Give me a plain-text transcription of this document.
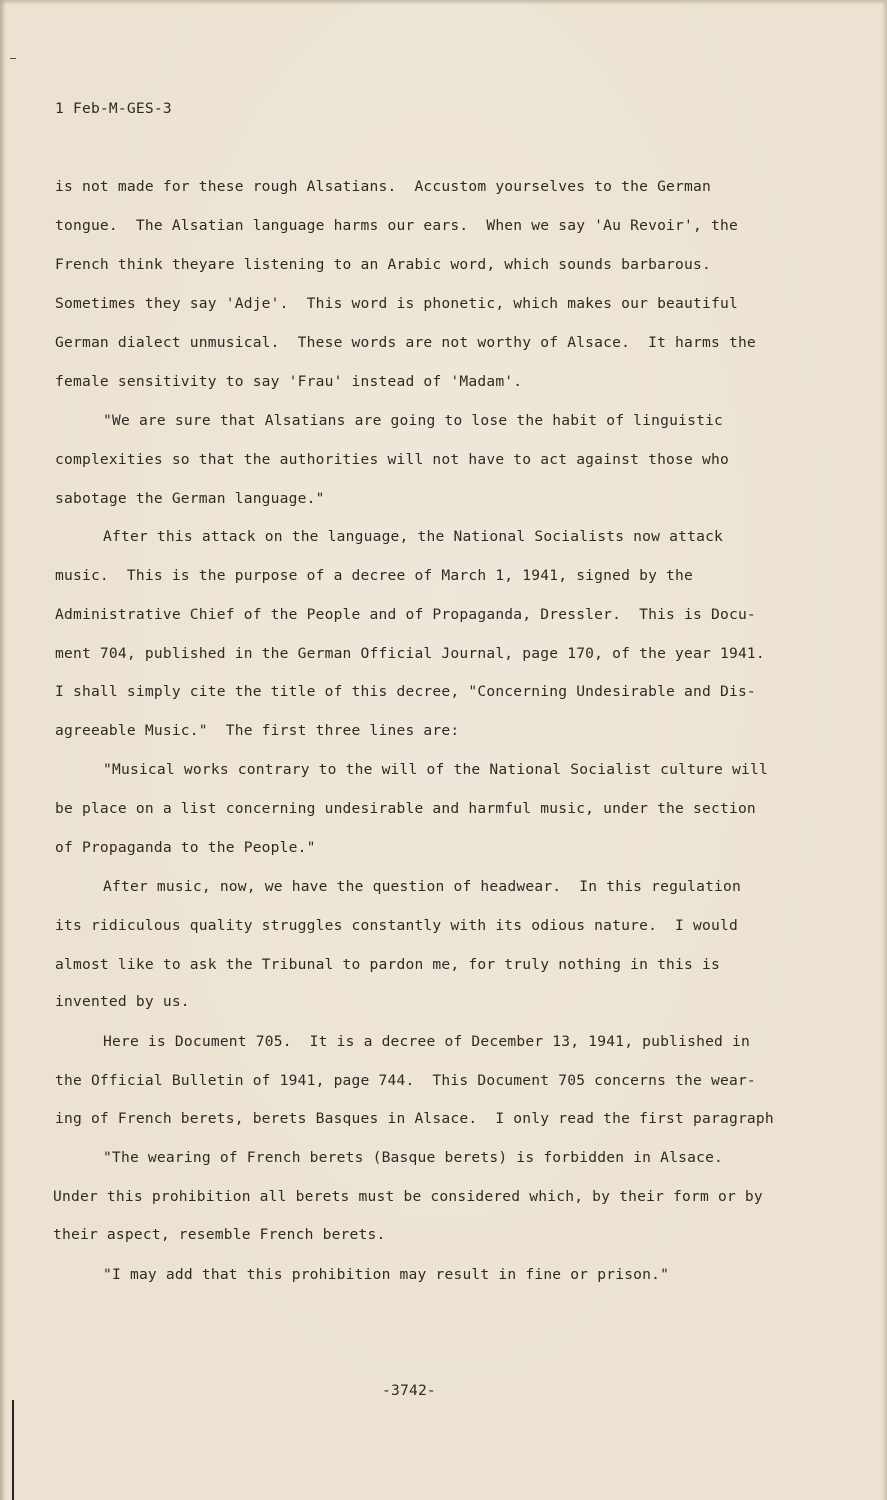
1 Feb-M-GES-3
is not made for these rough Alsatians.  Accustom yourselves to the German
tongue.  The Alsatian language harms our ears.  When we say 'Au Revoir', the
French think theyare listening to an Arabic word, which sounds barbarous.
Sometimes they say 'Adje'.  This word is phonetic, which makes our beautiful
German dialect unmusical.  These words are not worthy of Alsace.  It harms the
female sensitivity to say 'Frau' instead of 'Madam'.
"We are sure that Alsatians are going to lose the habit of linguistic
complexities so that the authorities will not have to act against those who
sabotage the German language."
After this attack on the language, the National Socialists now attack
music.  This is the purpose of a decree of March 1, 1941, signed by the
Administrative Chief of the People and of Propaganda, Dressler.  This is Docu-
ment 704, published in the German Official Journal, page 170, of the year 1941.
I shall simply cite the title of this decree, "Concerning Undesirable and Dis-
agreeable Music."  The first three lines are:
"Musical works contrary to the will of the National Socialist culture will
be place on a list concerning undesirable and harmful music, under the section
of Propaganda to the People."
After music, now, we have the question of headwear.  In this regulation
its ridiculous quality struggles constantly with its odious nature.  I would
almost like to ask the Tribunal to pardon me, for truly nothing in this is
invented by us.
Here is Document 705.  It is a decree of December 13, 1941, published in
the Official Bulletin of 1941, page 744.  This Document 705 concerns the wear-
ing of French berets, berets Basques in Alsace.  I only read the first paragraph
"The wearing of French berets (Basque berets) is forbidden in Alsace.
Under this prohibition all berets must be considered which, by their form or by
their aspect, resemble French berets.
"I may add that this prohibition may result in fine or prison."
-3742-
